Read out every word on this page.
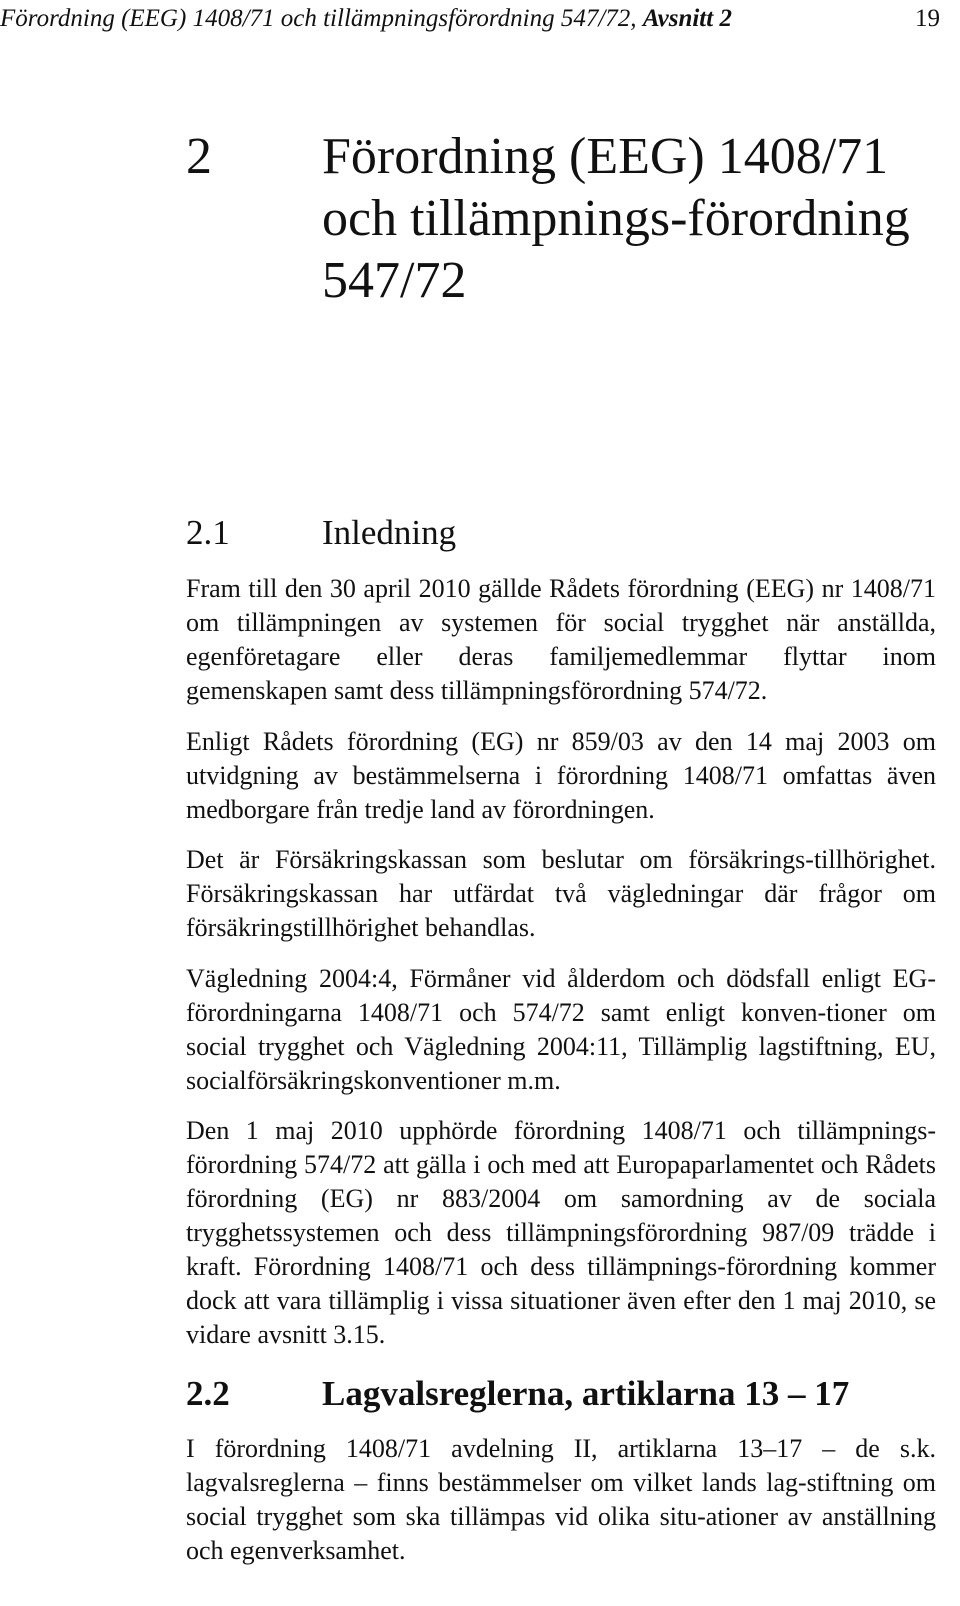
Förordning (EEG) 1408/71 och tillämpningsförordning 547/72, Avsnitt 2	19
2 Förordning (EEG) 1408/71 och tillämpnings-förordning 547/72
2.1	Inledning

Fram till den 30 april 2010 gällde Rådets förordning (EEG) nr 1408/71 om tillämpningen av systemen för social trygghet när anställda, egenföretagare eller deras familjemedlemmar flyttar inom gemenskapen samt dess tillämpningsförordning 574/72.

Enligt Rådets förordning (EG) nr 859/03 av den 14 maj 2003 om utvidgning av bestämmelserna i förordning 1408/71 omfattas även medborgare från tredje land av förordningen.

Det är Försäkringskassan som beslutar om försäkrings-tillhörighet. Försäkringskassan har utfärdat två vägledningar där frågor om försäkringstillhörighet behandlas.

Vägledning 2004:4, Förmåner vid ålderdom och dödsfall enligt EG-förordningarna 1408/71 och 574/72 samt enligt konven-tioner om social trygghet och Vägledning 2004:11, Tillämplig lagstiftning, EU, socialförsäkringskonventioner m.m.

Den 1 maj 2010 upphörde förordning 1408/71 och tillämpnings-förordning 574/72 att gälla i och med att Europaparlamentet och Rådets förordning (EG) nr 883/2004 om samordning av de sociala trygghetssystemen och dess tillämpningsförordning 987/09 trädde i kraft. Förordning 1408/71 och dess tillämpnings-förordning kommer dock att vara tillämplig i vissa situationer även efter den 1 maj 2010, se vidare avsnitt 3.15.

2.2	Lagvalsreglerna, artiklarna 13 – 17

I förordning 1408/71 avdelning II, artiklarna 13–17 – de s.k. lagvalsreglerna – finns bestämmelser om vilket lands lag-stiftning om social trygghet som ska tillämpas vid olika situ-ationer av anställning och egenverksamhet.
